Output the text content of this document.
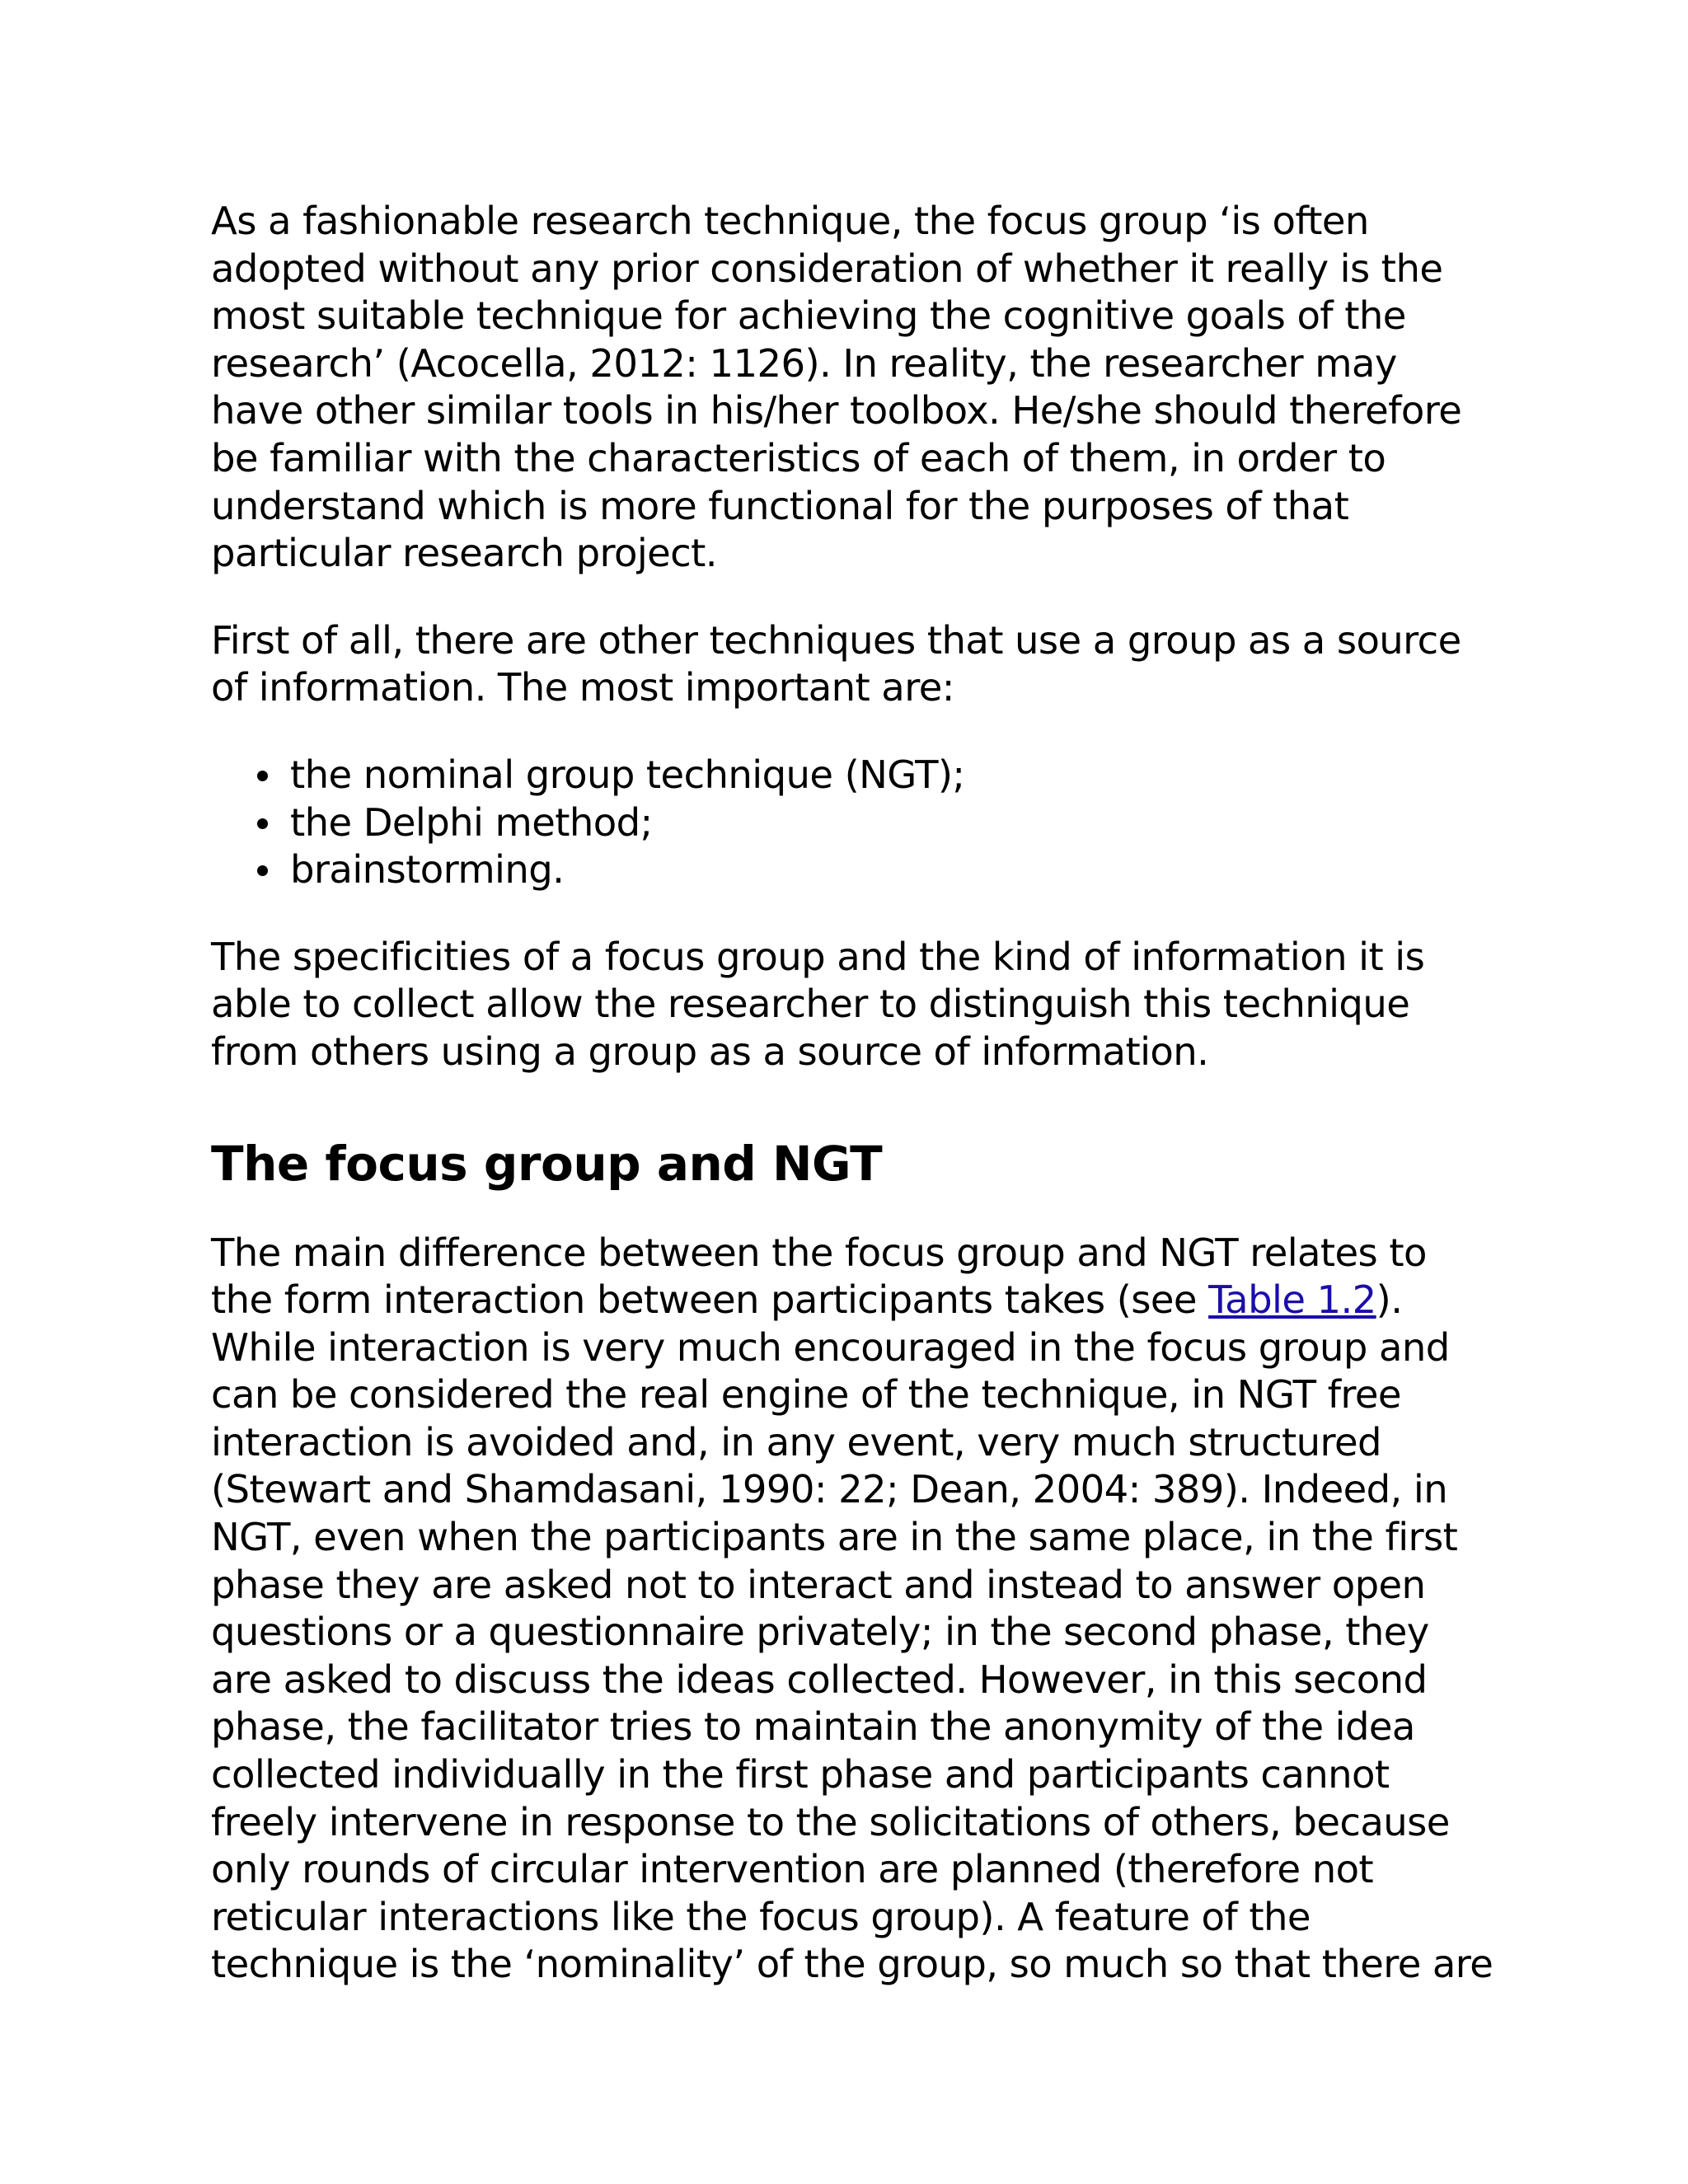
As a fashionable research technique, the focus group ‘is often adopted without any prior consideration of whether it really is the most suitable technique for achieving the cognitive goals of the research’ (Acocella, 2012: 1126). In reality, the researcher may have other similar tools in his/her toolbox. He/she should therefore be familiar with the characteristics of each of them, in order to understand which is more functional for the purposes of that particular research project.

First of all, there are other techniques that use a group as a source of information. The most important are:

the nominal group technique (NGT);
the Delphi method;
brainstorming.

The specificities of a focus group and the kind of information it is able to collect allow the researcher to distinguish this technique from others using a group as a source of information.

The focus group and NGT

The main difference between the focus group and NGT relates to the form interaction between participants takes (see Table 1.2). While interaction is very much encouraged in the focus group and can be considered the real engine of the technique, in NGT free interaction is avoided and, in any event, very much structured (Stewart and Shamdasani, 1990: 22; Dean, 2004: 389). Indeed, in NGT, even when the participants are in the same place, in the first phase they are asked not to interact and instead to answer open questions or a questionnaire privately; in the second phase, they are asked to discuss the ideas collected. However, in this second phase, the facilitator tries to maintain the anonymity of the idea collected individually in the first phase and participants cannot freely intervene in response to the solicitations of others, because only rounds of circular intervention are planned (therefore not reticular interactions like the focus group). A feature of the technique is the ‘nominality’ of the group, so much so that there are
